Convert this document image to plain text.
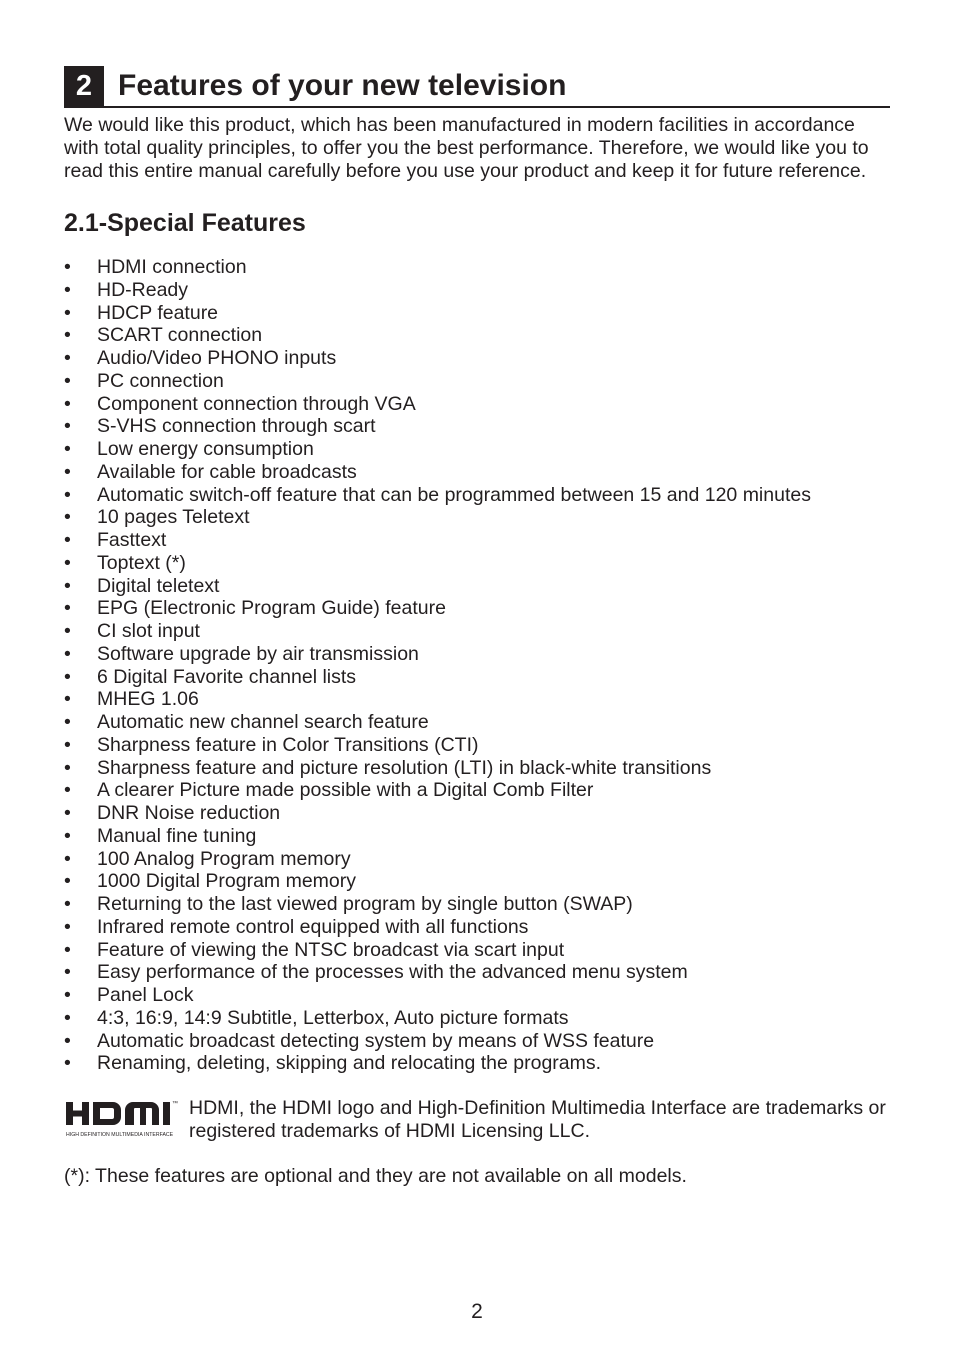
2 Features of your new television

We would like this product, which has been manufactured in modern facilities in accordance with total quality principles, to offer you the best performance. Therefore, we would like you to read this entire manual carefully before you use your product and keep it for future reference.

2.1-Special Features
• HDMI connection
• HD-Ready
• HDCP feature
• SCART connection
• Audio/Video PHONO inputs
• PC connection
• Component connection through VGA
• S-VHS connection through scart
• Low energy consumption
• Available for cable broadcasts
• Automatic switch-off feature that can be programmed between 15 and 120 minutes
• 10 pages Teletext
• Fasttext
• Toptext (*)
• Digital teletext
• EPG (Electronic Program Guide) feature
• CI slot input
• Software upgrade by air transmission
• 6 Digital Favorite channel lists
• MHEG 1.06
• Automatic new channel search feature
• Sharpness feature in Color Transitions (CTI)
• Sharpness feature and picture resolution (LTI) in black-white transitions
• A clearer Picture made possible with a Digital Comb Filter
• DNR Noise reduction
• Manual fine tuning
• 100 Analog Program memory
• 1000 Digital Program memory
• Returning to the last viewed program by single button (SWAP)
• Infrared remote control equipped with all functions
• Feature of viewing the NTSC broadcast via scart input
• Easy performance of the processes with the advanced menu system
• Panel Lock
• 4:3, 16:9, 14:9 Subtitle, Letterbox, Auto picture formats
• Automatic broadcast detecting system by means of WSS feature
• Renaming, deleting, skipping and relocating the programs.
HIGH DEFINITION MULTIMEDIA INTERFACE
™ HDMI, the HDMI logo and High-Definition Multimedia Interface are trademarks or registered trademarks of HDMI Licensing LLC.
(*): These features are optional and they are not available on all models.
2
